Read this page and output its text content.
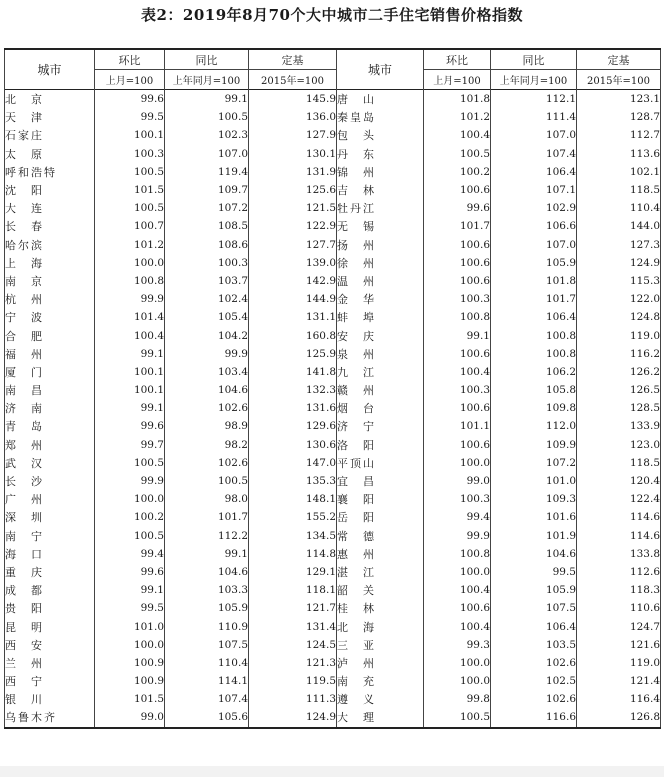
表2：2019年8月70个大中城市二手住宅销售价格指数
城市	环比	同比	定基	城市	环比	同比	定基
	上月=100	上年同月=100	2015年=100		上月=100	上年同月=100	2015年=100
北　京	99.6	99.1	145.9	唐　山	101.8	112.1	123.1
天　津	99.5	100.5	136.0	秦皇岛	101.2	111.4	128.7
石家庄	100.1	102.3	127.9	包　头	100.4	107.0	112.7
太　原	100.3	107.0	130.1	丹　东	100.5	107.4	113.6
呼和浩特	100.5	119.4	131.9	锦　州	100.2	106.4	102.1
沈　阳	101.5	109.7	125.6	吉　林	100.6	107.1	118.5
大　连	100.5	107.2	121.5	牡丹江	99.6	102.9	110.4
长　春	100.7	108.5	122.9	无　锡	101.7	106.6	144.0
哈尔滨	101.2	108.6	127.7	扬　州	100.6	107.0	127.3
上　海	100.0	100.3	139.0	徐　州	100.6	105.9	124.9
南　京	100.8	103.7	142.9	温　州	100.6	101.8	115.3
杭　州	99.9	102.4	144.9	金　华	100.3	101.7	122.0
宁　波	101.4	105.4	131.1	蚌　埠	100.8	106.4	124.8
合　肥	100.4	104.2	160.8	安　庆	99.1	100.8	119.0
福　州	99.1	99.9	125.9	泉　州	100.6	100.8	116.2
厦　门	100.1	103.4	141.8	九　江	100.4	106.2	126.2
南　昌	100.1	104.6	132.3	赣　州	100.3	105.8	126.5
济　南	99.1	102.6	131.6	烟　台	100.6	109.8	128.5
青　岛	99.6	98.9	129.6	济　宁	101.1	112.0	133.9
郑　州	99.7	98.2	130.6	洛　阳	100.6	109.9	123.0
武　汉	100.5	102.6	147.0	平顶山	100.0	107.2	118.5
长　沙	99.9	100.5	135.3	宜　昌	99.0	101.0	120.4
广　州	100.0	98.0	148.1	襄　阳	100.3	109.3	122.4
深　圳	100.2	101.7	155.2	岳　阳	99.4	101.6	114.6
南　宁	100.5	112.2	134.5	常　德	99.9	101.9	114.6
海　口	99.4	99.1	114.8	惠　州	100.8	104.6	133.8
重　庆	99.6	104.6	129.1	湛　江	100.0	99.5	112.6
成　都	99.1	103.3	118.1	韶　关	100.4	105.9	118.3
贵　阳	99.5	105.9	121.7	桂　林	100.6	107.5	110.6
昆　明	101.0	110.9	131.4	北　海	100.4	106.4	124.7
西　安	100.0	107.5	124.5	三　亚	99.3	103.5	121.6
兰　州	100.9	110.4	121.3	泸　州	100.0	102.6	119.0
西　宁	100.9	114.1	119.5	南　充	100.0	102.5	121.4
银　川	101.5	107.4	111.3	遵　义	99.8	102.6	116.4
乌鲁木齐	99.0	105.6	124.9	大　理	100.5	116.6	126.8
